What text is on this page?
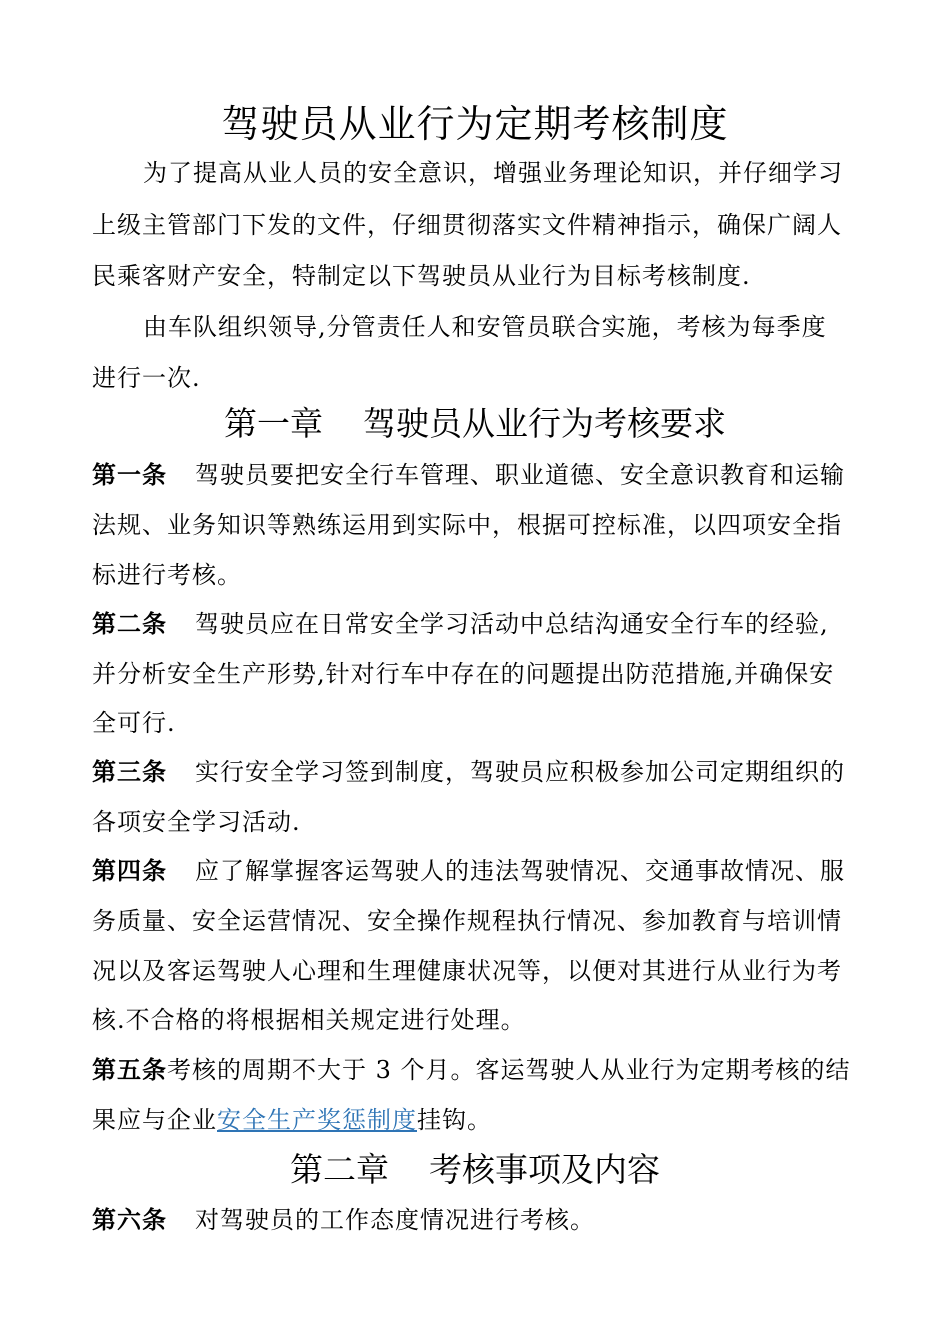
驾驶员从业行为定期考核制度
为了提高从业人员的安全意识，增强业务理论知识，并仔细学习
上级主管部门下发的文件，仔细贯彻落实文件精神指示，确保广阔人
民乘客财产安全，特制定以下驾驶员从业行为目标考核制度.
由车队组织领导,分管责任人和安管员联合实施，考核为每季度
进行一次.
第一章 驾驶员从业行为考核要求
第一条 驾驶员要把安全行车管理、职业道德、安全意识教育和运输
法规、业务知识等熟练运用到实际中，根据可控标准，以四项安全指
标进行考核。
第二条 驾驶员应在日常安全学习活动中总结沟通安全行车的经验,
并分析安全生产形势,针对行车中存在的问题提出防范措施,并确保安
全可行.
第三条 实行安全学习签到制度，驾驶员应积极参加公司定期组织的
各项安全学习活动.
第四条 应了解掌握客运驾驶人的违法驾驶情况、交通事故情况、服
务质量、安全运营情况、安全操作规程执行情况、参加教育与培训情
况以及客运驾驶人心理和生理健康状况等，以便对其进行从业行为考
核.不合格的将根据相关规定进行处理。
第五条考核的周期不大于 3 个月。客运驾驶人从业行为定期考核的结
果应与企业安全生产奖惩制度挂钩。
第二章 考核事项及内容
第六条 对驾驶员的工作态度情况进行考核。
